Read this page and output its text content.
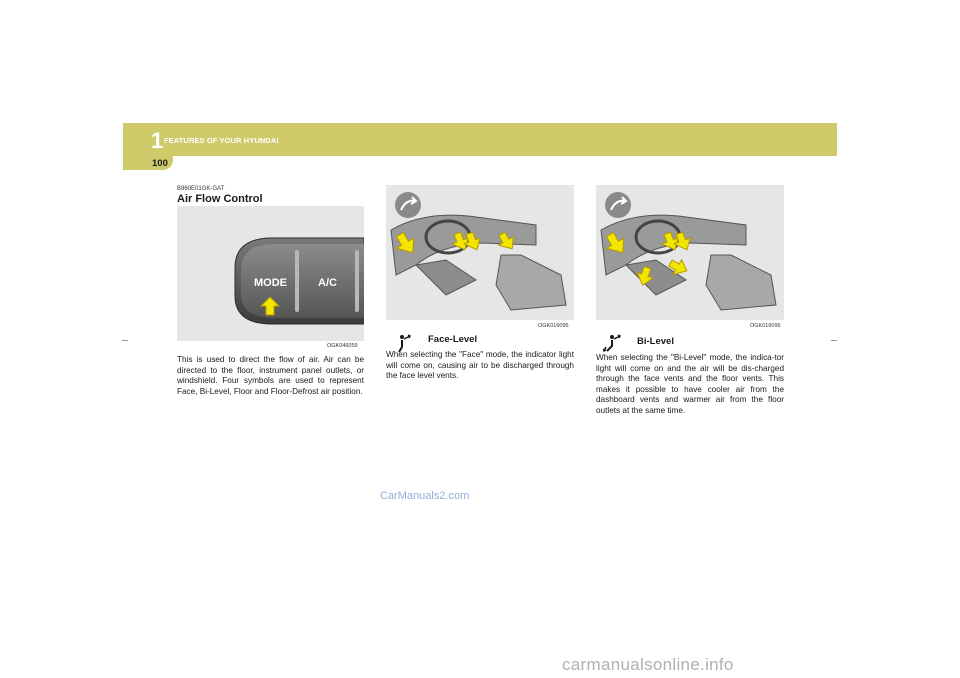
1 FEATURES OF YOUR HYUNDAI
100
B960E01GK-GAT
Air Flow Control
MODE	A/C
OGK046059
This is used to direct the flow of air. Air can be directed to the floor, instrument panel outlets, or windshield. Four symbols are used to represent Face, Bi-Level, Floor and Floor-Defrost air position.
OGK016095
Face-Level
When selecting the "Face" mode, the indicator light will come on, causing air to be discharged through the face level vents.
OGK016096
Bi-Level
When selecting the "Bi-Level" mode, the indica-tor light will come on and the air will be dis-charged through the face vents and the floor vents. This makes it possible to have cooler air from the dashboard vents and warmer air from the floor outlets at the same time.
CarManuals2.com
carmanualsonline.info
